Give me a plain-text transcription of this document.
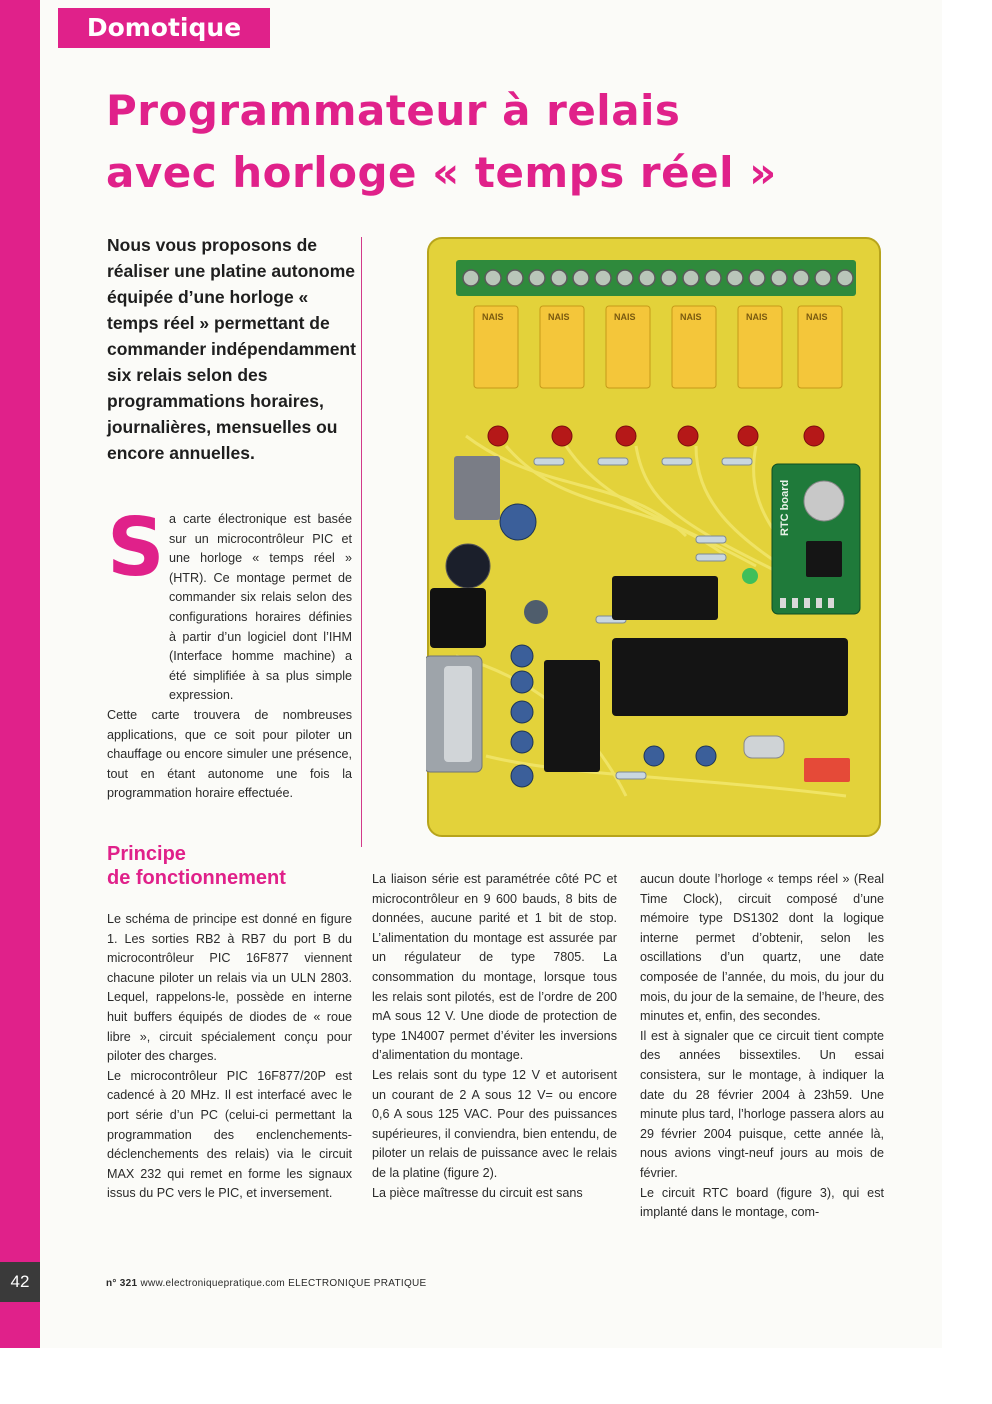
42
Domotique
Programmateur à relais
avec horloge « temps réel »

Nous vous proposons de réaliser une platine autonome équipée d’une horloge « temps réel » permettant de commander indépendamment six relais selon des programmations horaires, journalières, mensuelles ou encore annuelles.

S a carte électronique est basée sur un microcontrôleur PIC et une horloge « temps réel » (HTR). Ce montage permet de commander six relais selon des configurations horaires définies à partir d’un logiciel dont l’IHM (Interface homme machine) a été simplifiée à sa plus simple expression.

Cette carte trouvera de nombreuses applications, que ce soit pour piloter un chauffage ou encore simuler une présence, tout en étant autonome une fois la programmation horaire effectuée.

Principe
de fonctionnement

Le schéma de principe est donné en figure 1. Les sorties RB2 à RB7 du port B du microcontrôleur PIC 16F877 viennent chacune piloter un relais via un ULN 2803. Lequel, rappelons-le, possède en interne huit buffers équipés de diodes de « roue libre », circuit spécialement conçu pour piloter des charges.

Le microcontrôleur PIC 16F877/20P est cadencé à 20 MHz. Il est interfacé avec le port série d’un PC (celui-ci permettant la programmation des enclenchements-déclenchements des relais) via le circuit MAX 232 qui remet en forme les signaux issus du PC vers le PIC, et inversement.

La liaison série est paramétrée côté PC et microcontrôleur en 9 600 bauds, 8 bits de données, aucune parité et 1 bit de stop. L’alimentation du montage est assurée par un régulateur de type 7805. La consommation du montage, lorsque tous les relais sont pilotés, est de l’ordre de 200 mA sous 12 V. Une diode de protection de type 1N4007 permet d’éviter les inversions d’alimentation du montage.

Les relais sont du type 12 V et autorisent un courant de 2 A sous 12 V= ou encore 0,6 A sous 125 VAC. Pour des puissances supérieures, il conviendra, bien entendu, de piloter un relais de puissance avec le relais de la platine (figure 2).

La pièce maîtresse du circuit est sans

aucun doute l’horloge « temps réel » (Real Time Clock), circuit composé d’une mémoire type DS1302 dont la logique interne permet d’obtenir, selon les oscillations d’un quartz, une date composée de l’année, du mois, du jour du mois, du jour de la semaine, de l’heure, des minutes et, enfin, des secondes.

Il est à signaler que ce circuit tient compte des années bissextiles. Un essai consistera, sur le montage, à indiquer la date du 28 février 2004 à 23h59. Une minute plus tard, l’horloge passera alors au 29 février 2004 puisque, cette année là, nous avions vingt-neuf jours au mois de février.

Le circuit RTC board (figure 3), qui est implanté dans le montage, com-

NAIS	NAIS	NAIS	NAIS	NAIS	NAIS
RTC board
n° 321 www.electroniquepratique.com ELECTRONIQUE PRATIQUE
